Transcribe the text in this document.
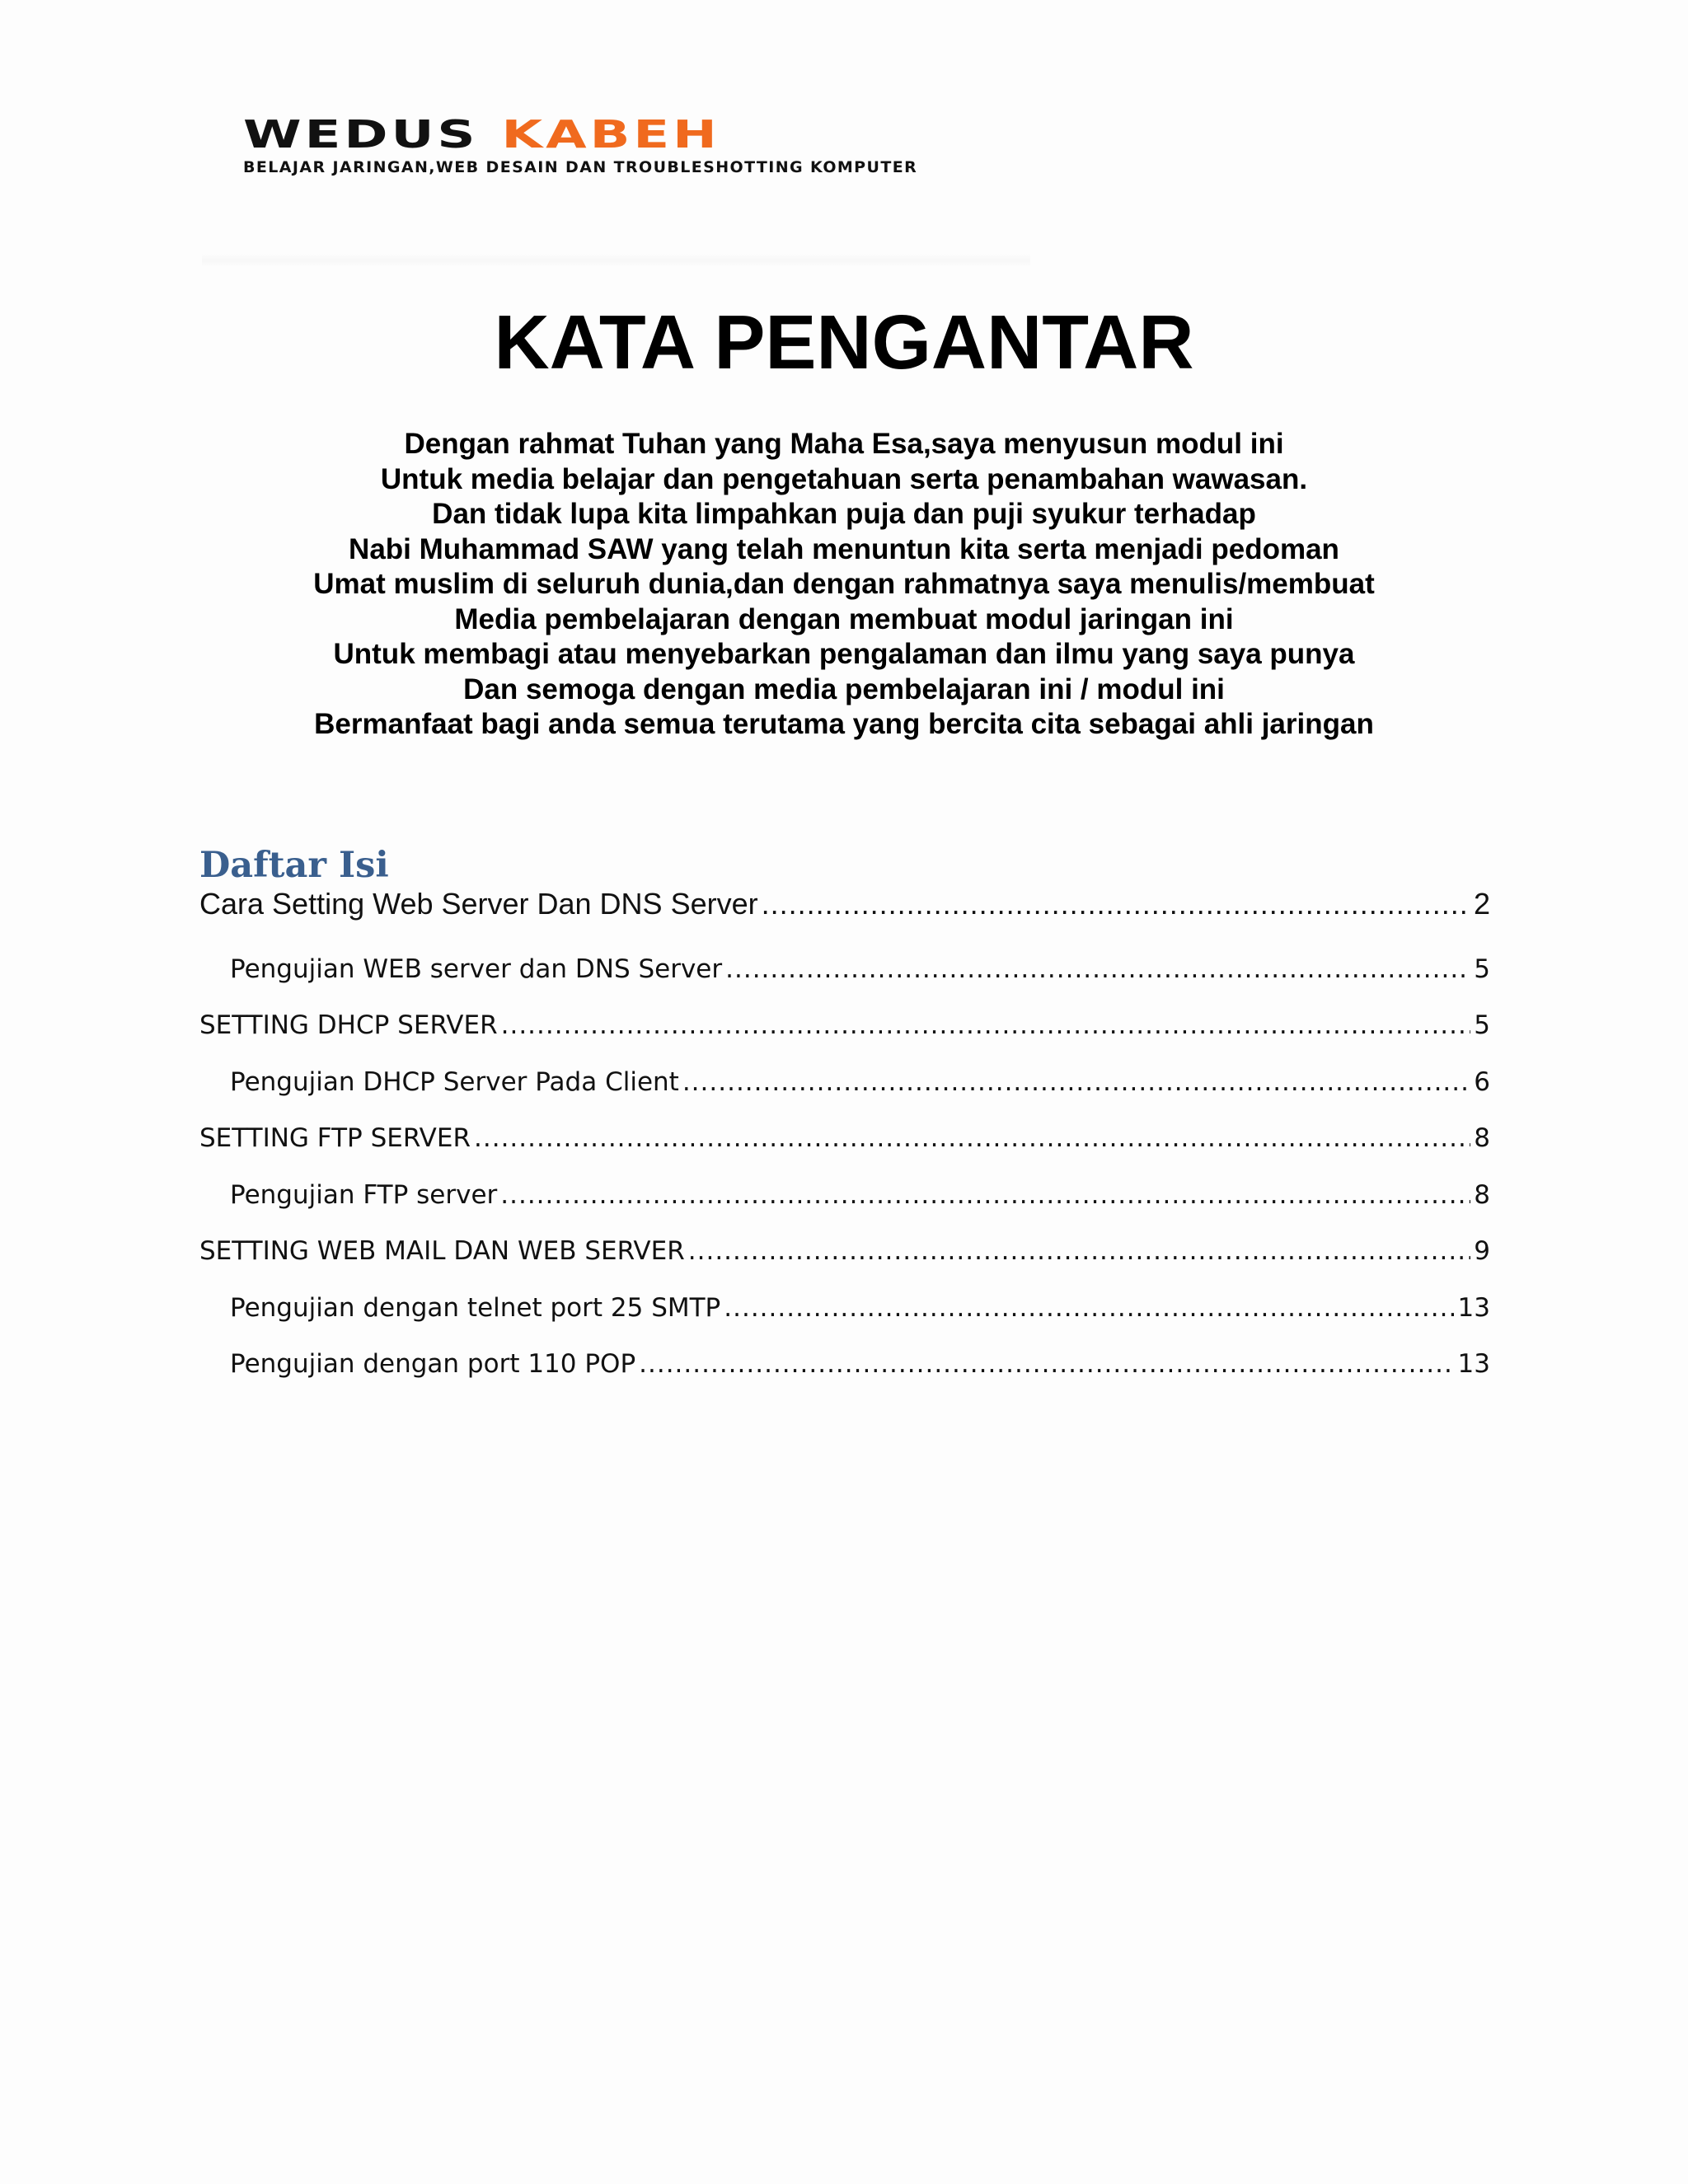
WEDUS KABEH
BELAJAR JARINGAN,WEB DESAIN DAN TROUBLESHOTTING KOMPUTER
KATA PENGANTAR
Dengan rahmat Tuhan yang Maha Esa,saya menyusun modul ini
Untuk media belajar dan pengetahuan serta penambahan wawasan.
Dan tidak lupa kita limpahkan puja dan puji syukur terhadap
Nabi Muhammad SAW yang telah menuntun kita serta menjadi pedoman
Umat muslim di seluruh dunia,dan dengan rahmatnya saya menulis/membuat
Media pembelajaran dengan membuat modul jaringan ini
Untuk membagi atau menyebarkan pengalaman dan ilmu yang saya punya
Dan semoga dengan media pembelajaran ini / modul ini
Bermanfaat bagi anda semua terutama yang bercita cita sebagai ahli jaringan
Daftar Isi
Cara Setting Web Server Dan DNS Server .....	2
Pengujian WEB server dan DNS Server .....	5
SETTING DHCP SERVER .....	5
Pengujian DHCP Server Pada Client .....	6
SETTING FTP SERVER .....	8
Pengujian FTP server .....	8
SETTING WEB MAIL DAN WEB SERVER .....	9
Pengujian dengan telnet port 25 SMTP .....	13
Pengujian dengan port 110 POP .....	13
